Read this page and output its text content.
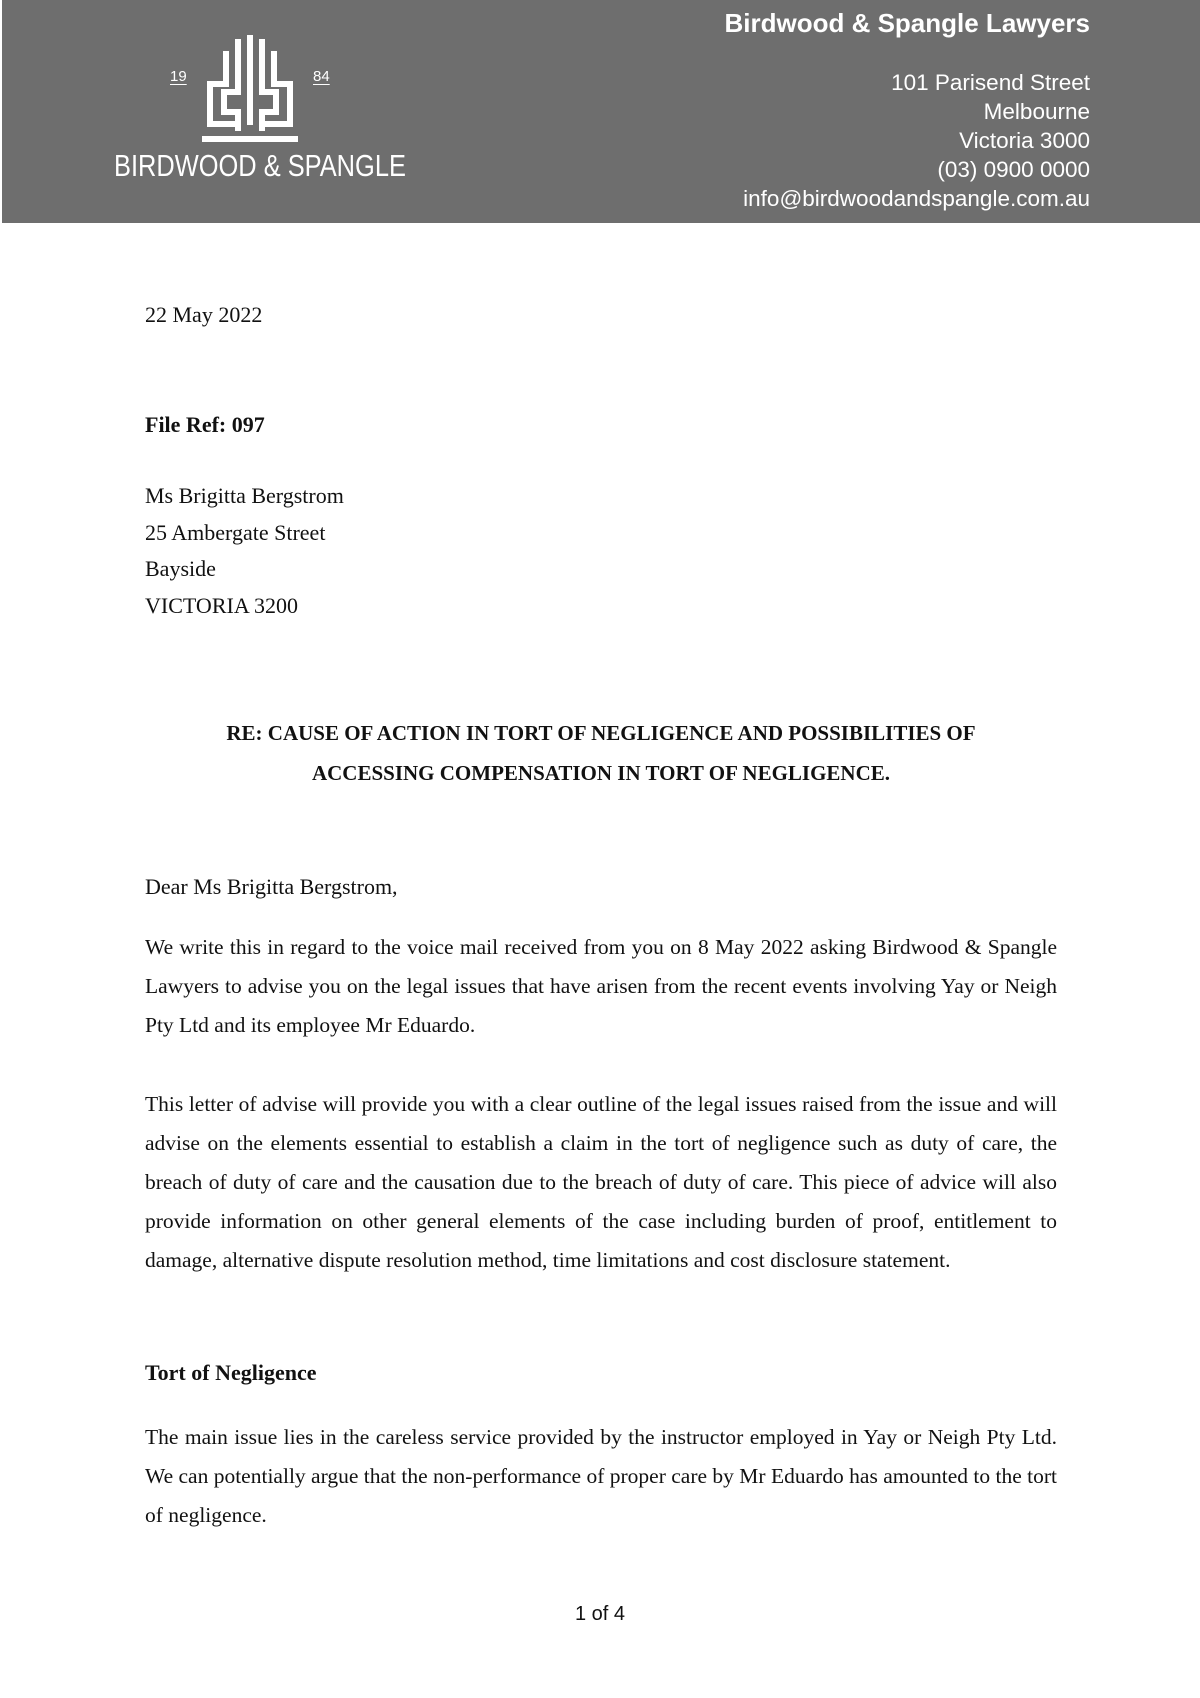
19	84
BIRDWOOD & SPANGLE
Birdwood & Spangle Lawyers
101 Parisend Street
Melbourne
Victoria 3000
(03) 0900 0000
info@birdwoodandspangle.com.au
22 May 2022
File Ref: 097
Ms Brigitta Bergstrom
25 Ambergate Street
Bayside
VICTORIA 3200
RE: CAUSE OF ACTION IN TORT OF NEGLIGENCE AND POSSIBILITIES OF
ACCESSING COMPENSATION IN TORT OF NEGLIGENCE.
Dear Ms Brigitta Bergstrom,
We write this in regard to the voice mail received from you on 8 May 2022 asking Birdwood & Spangle Lawyers to advise you on the legal issues that have arisen from the recent events involving Yay or Neigh Pty Ltd and its employee Mr Eduardo.
This letter of advise will provide you with a clear outline of the legal issues raised from the issue and will advise on the elements essential to establish a claim in the tort of negligence such as duty of care, the breach of duty of care and the causation due to the breach of duty of care. This piece of advice will also provide information on other general elements of the case including burden of proof, entitlement to damage, alternative dispute resolution method, time limitations and cost disclosure statement.
Tort of Negligence
The main issue lies in the careless service provided by the instructor employed in Yay or Neigh Pty Ltd. We can potentially argue that the non-performance of proper care by Mr Eduardo has amounted to the tort of negligence.
1 of 4
